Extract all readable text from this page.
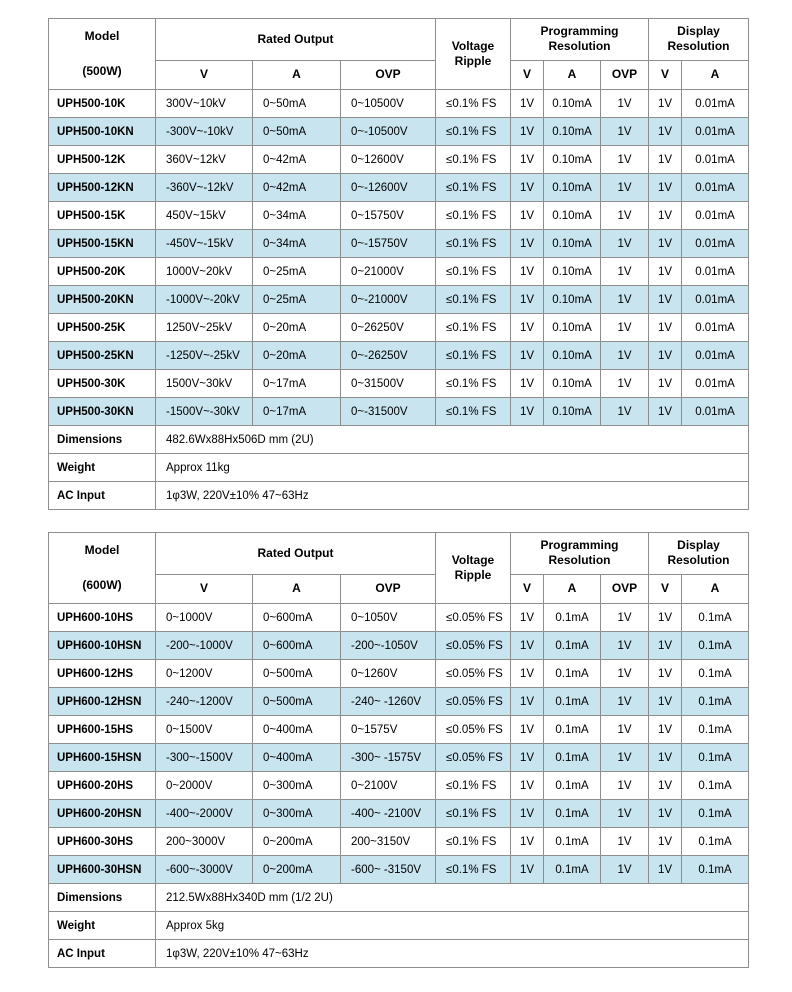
Model
(500W)	Rated Output			Voltage Ripple	Programming Resolution			Display Resolution	
	V	A	OVP		V	A	OVP	V	A
UPH500-10K	300V~10kV	0~50mA	0~10500V	≤0.1% FS	1V	0.10mA	1V	1V	0.01mA
UPH500-10KN	-300V~-10kV	0~50mA	0~-10500V	≤0.1% FS	1V	0.10mA	1V	1V	0.01mA
UPH500-12K	360V~12kV	0~42mA	0~12600V	≤0.1% FS	1V	0.10mA	1V	1V	0.01mA
UPH500-12KN	-360V~-12kV	0~42mA	0~-12600V	≤0.1% FS	1V	0.10mA	1V	1V	0.01mA
UPH500-15K	450V~15kV	0~34mA	0~15750V	≤0.1% FS	1V	0.10mA	1V	1V	0.01mA
UPH500-15KN	-450V~-15kV	0~34mA	0~-15750V	≤0.1% FS	1V	0.10mA	1V	1V	0.01mA
UPH500-20K	1000V~20kV	0~25mA	0~21000V	≤0.1% FS	1V	0.10mA	1V	1V	0.01mA
UPH500-20KN	-1000V~-20kV	0~25mA	0~-21000V	≤0.1% FS	1V	0.10mA	1V	1V	0.01mA
UPH500-25K	1250V~25kV	0~20mA	0~26250V	≤0.1% FS	1V	0.10mA	1V	1V	0.01mA
UPH500-25KN	-1250V~-25kV	0~20mA	0~-26250V	≤0.1% FS	1V	0.10mA	1V	1V	0.01mA
UPH500-30K	1500V~30kV	0~17mA	0~31500V	≤0.1% FS	1V	0.10mA	1V	1V	0.01mA
UPH500-30KN	-1500V~-30kV	0~17mA	0~-31500V	≤0.1% FS	1V	0.10mA	1V	1V	0.01mA
Dimensions	482.6Wx88Hx506D mm (2U)								
Weight	Approx 11kg								
AC Input	1φ3W, 220V±10% 47~63Hz								
Model
(600W)	Rated Output			Voltage Ripple	Programming Resolution			Display Resolution	
	V	A	OVP		V	A	OVP	V	A
UPH600-10HS	0~1000V	0~600mA	0~1050V	≤0.05% FS	1V	0.1mA	1V	1V	0.1mA
UPH600-10HSN	-200~-1000V	0~600mA	-200~-1050V	≤0.05% FS	1V	0.1mA	1V	1V	0.1mA
UPH600-12HS	0~1200V	0~500mA	0~1260V	≤0.05% FS	1V	0.1mA	1V	1V	0.1mA
UPH600-12HSN	-240~-1200V	0~500mA	-240~ -1260V	≤0.05% FS	1V	0.1mA	1V	1V	0.1mA
UPH600-15HS	0~1500V	0~400mA	0~1575V	≤0.05% FS	1V	0.1mA	1V	1V	0.1mA
UPH600-15HSN	-300~-1500V	0~400mA	-300~ -1575V	≤0.05% FS	1V	0.1mA	1V	1V	0.1mA
UPH600-20HS	0~2000V	0~300mA	0~2100V	≤0.1% FS	1V	0.1mA	1V	1V	0.1mA
UPH600-20HSN	-400~-2000V	0~300mA	-400~ -2100V	≤0.1% FS	1V	0.1mA	1V	1V	0.1mA
UPH600-30HS	200~3000V	0~200mA	200~3150V	≤0.1% FS	1V	0.1mA	1V	1V	0.1mA
UPH600-30HSN	-600~-3000V	0~200mA	-600~ -3150V	≤0.1% FS	1V	0.1mA	1V	1V	0.1mA
Dimensions	212.5Wx88Hx340D mm (1/2 2U)								
Weight	Approx 5kg								
AC Input	1φ3W, 220V±10% 47~63Hz								
